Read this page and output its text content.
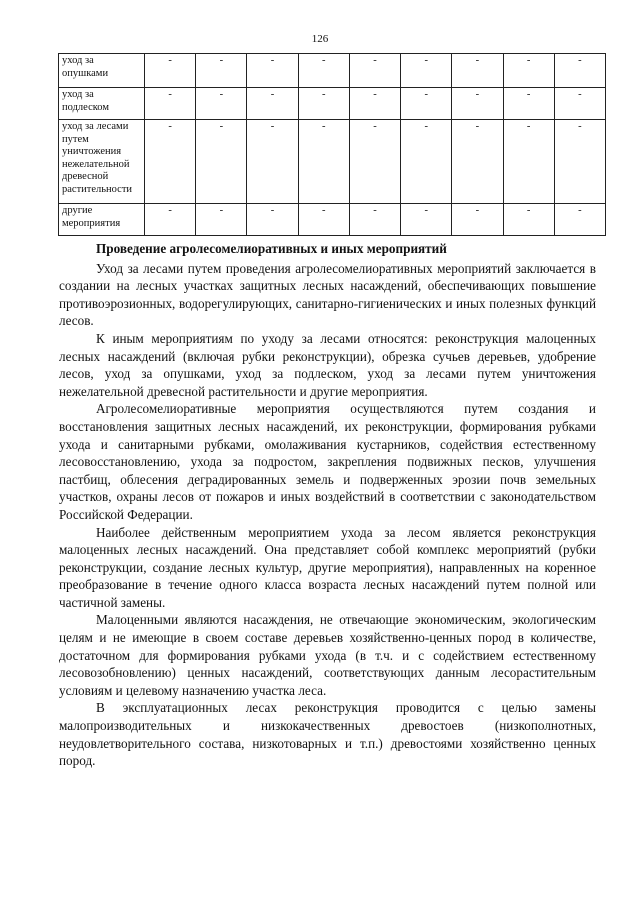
126
уход за опушками	-	-	-	-	-	-	-	-	-
уход за подлеском	-	-	-	-	-	-	-	-	-
уход за лесами путем уничтожения нежелательной древесной растительности	-	-	-	-	-	-	-	-	-
другие мероприятия	-	-	-	-	-	-	-	-	-
Проведение агролесомелиоративных и иных мероприятий

Уход за лесами путем проведения агролесомелиоративных мероприятий заключается в создании на лесных участках защитных лесных насаждений, обеспечивающих повышение противоэрозионных, водорегулирующих, санитарно-гигиенических и иных полезных функций лесов.

К иным мероприятиям по уходу за лесами относятся: реконструкция малоценных лесных насаждений (включая рубки реконструкции), обрезка сучьев деревьев, удобрение лесов, уход за опушками, уход за подлеском, уход за лесами путем уничтожения нежелательной древесной растительности и другие мероприятия.

Агролесомелиоративные мероприятия осуществляются путем создания и восстановления защитных лесных насаждений, их реконструкции, формирования рубками ухода и санитарными рубками, омолаживания кустарников, содействия естественному лесовосстановлению, ухода за подростом, закрепления подвижных песков, улучшения пастбищ, облесения деградированных земель и подверженных эрозии почв земельных участков, охраны лесов от пожаров и иных воздействий в соответствии с законодательством Российской Федерации.

Наиболее действенным мероприятием ухода за лесом является реконструкция малоценных лесных насаждений. Она представляет собой комплекс мероприятий (рубки реконструкции, создание лесных культур, другие мероприятия), направленных на коренное преобразование в течение одного класса возраста лесных насаждений путем полной или частичной замены.

Малоценными являются насаждения, не отвечающие экономическим, экологическим целям и не имеющие в своем составе деревьев хозяйственно-ценных пород в количестве, достаточном для формирования рубками ухода (в т.ч. и с содействием естественному лесовозобновлению) ценных насаждений, соответствующих данным лесорастительным условиям и целевому назначению участка леса.

В эксплуатационных лесах реконструкция проводится с целью замены малопроизводительных и низкокачественных древостоев (низкополнотных, неудовлетворительного состава, низкотоварных и т.п.) древостоями хозяйственно ценных пород.
